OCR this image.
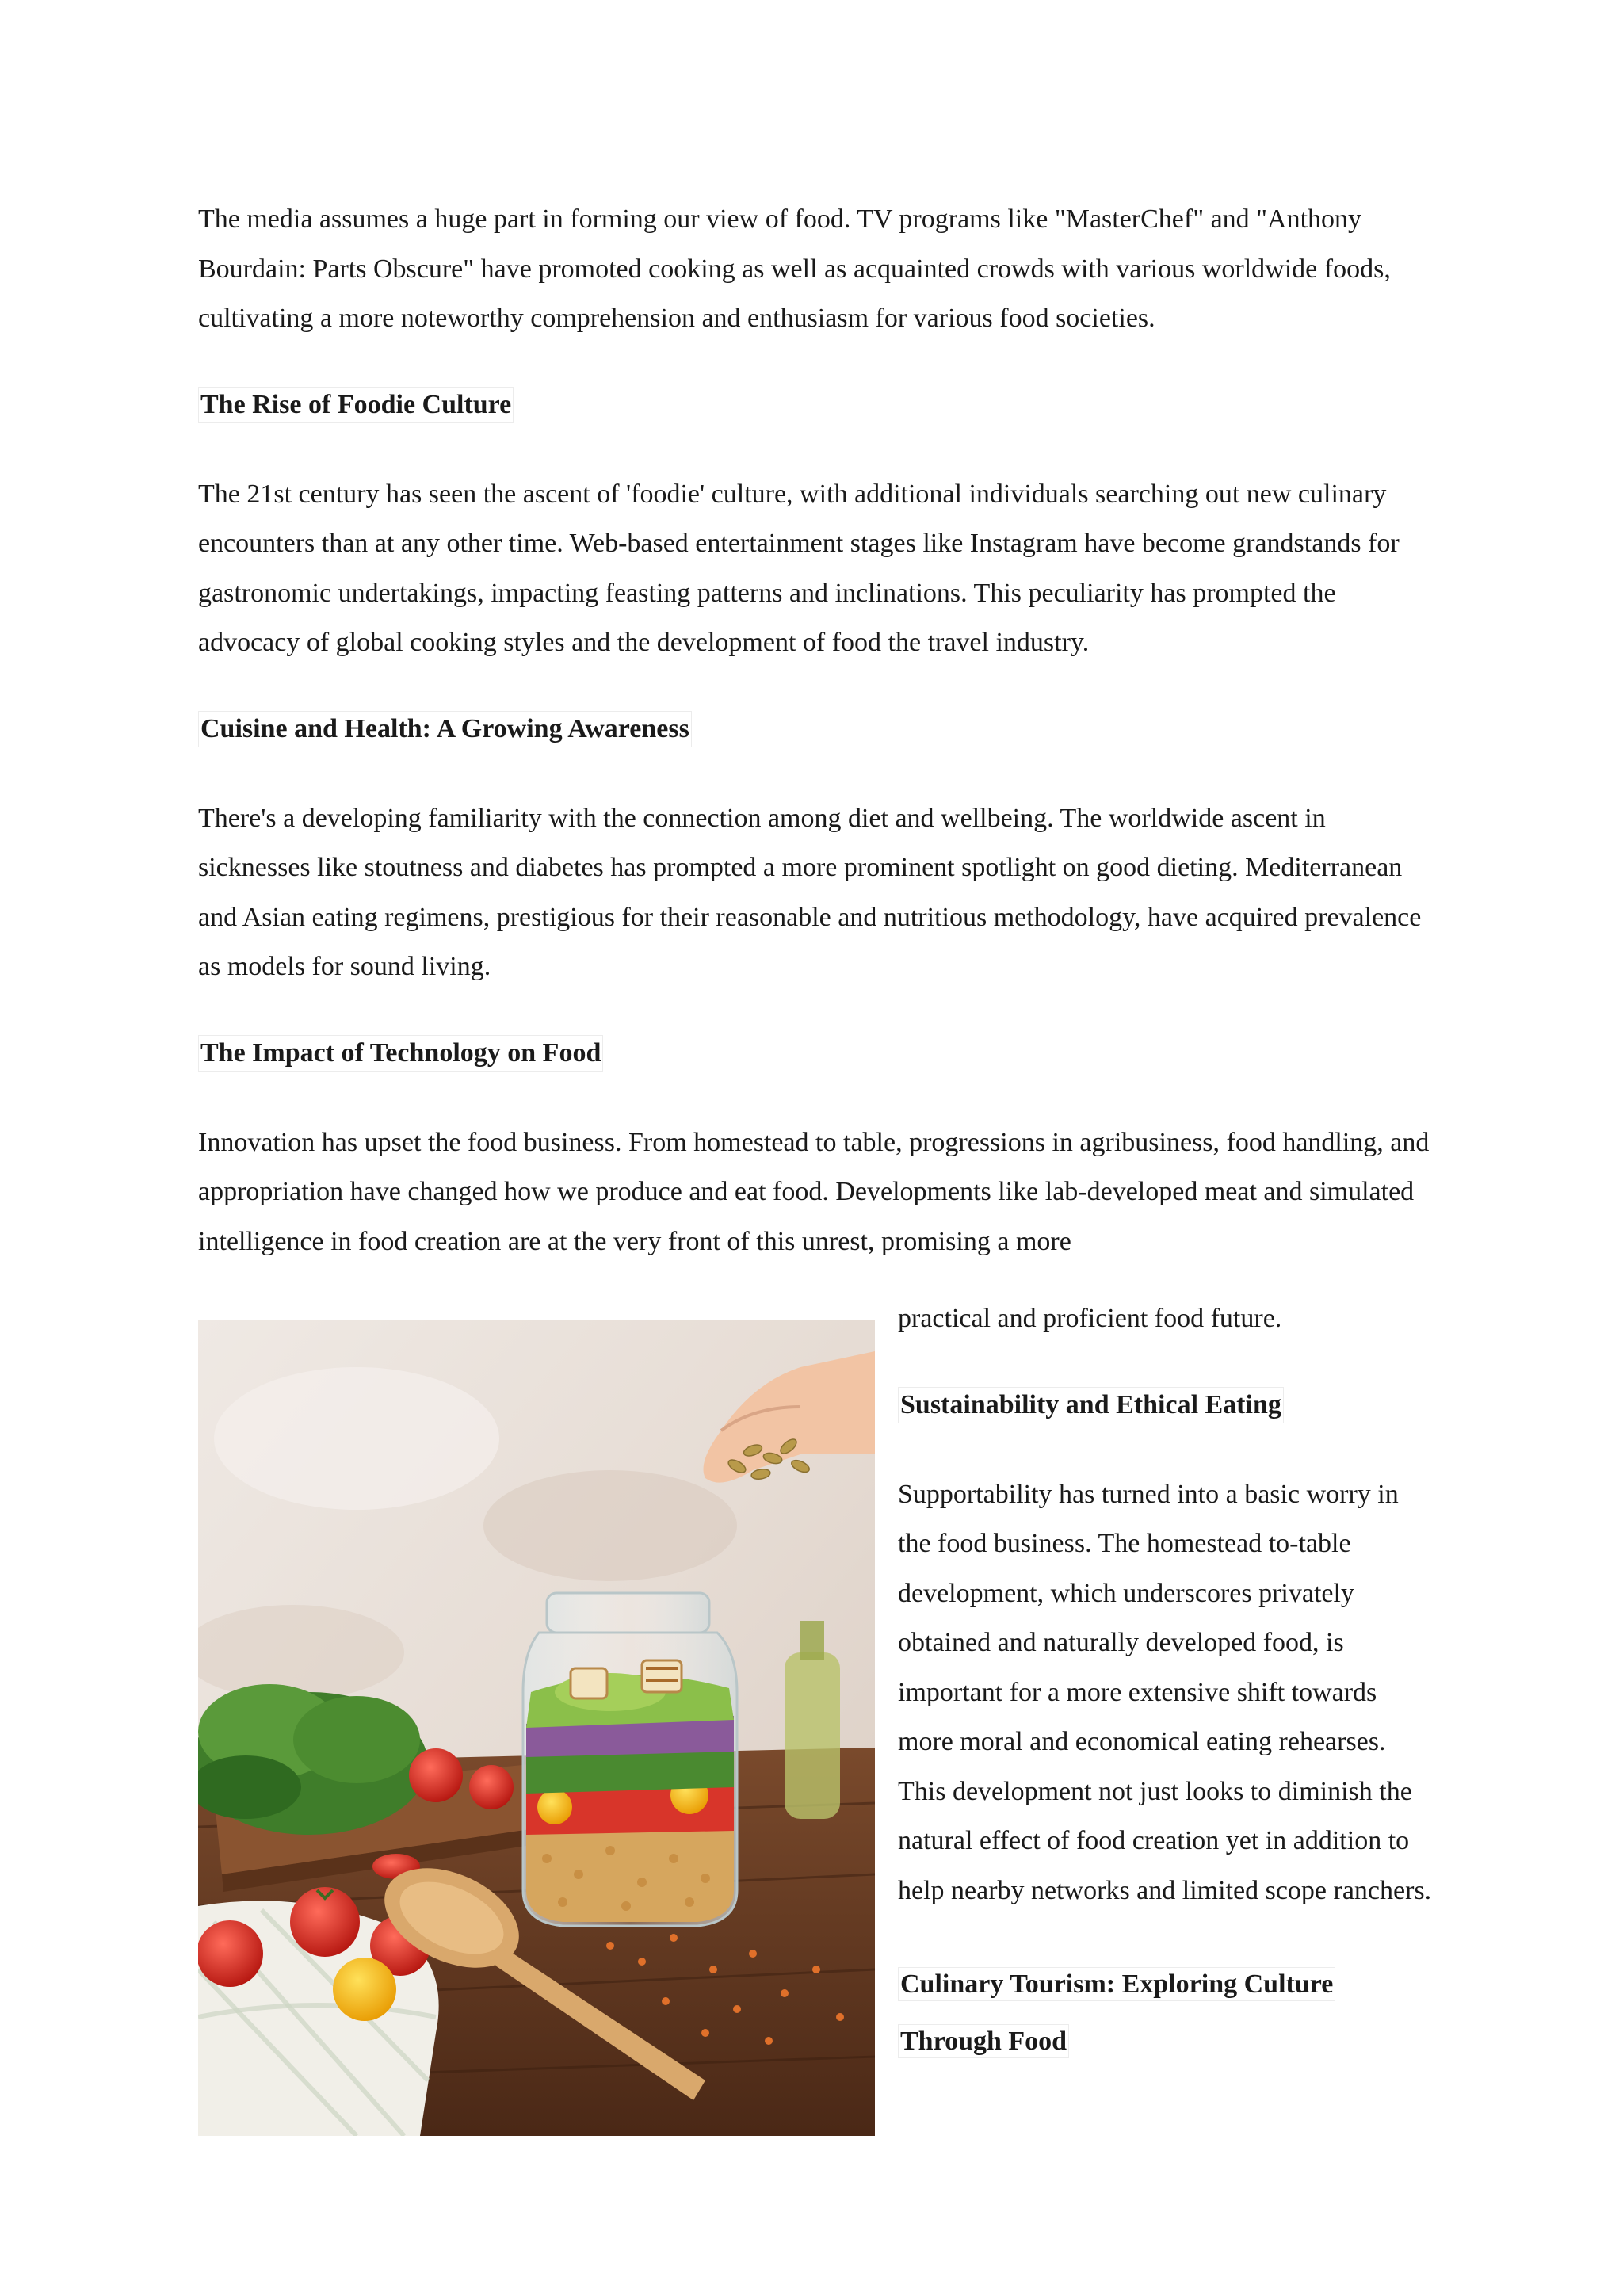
The media assumes a huge part in forming our view of food. TV programs like "MasterChef" and "Anthony Bourdain: Parts Obscure" have promoted cooking as well as acquainted crowds with various worldwide foods, cultivating a more noteworthy comprehension and enthusiasm for various food societies.

The Rise of Foodie Culture

The 21st century has seen the ascent of 'foodie' culture, with additional individuals searching out new culinary encounters than at any other time. Web-based entertainment stages like Instagram have become grandstands for gastronomic undertakings, impacting feasting patterns and inclinations. This peculiarity has prompted the advocacy of global cooking styles and the development of food the travel industry.

Cuisine and Health: A Growing Awareness

There's a developing familiarity with the connection among diet and wellbeing. The worldwide ascent in sicknesses like stoutness and diabetes has prompted a more prominent spotlight on good dieting. Mediterranean and Asian eating regimens, prestigious for their reasonable and nutritious methodology, have acquired prevalence as models for sound living.

The Impact of Technology on Food

Innovation has upset the food business. From homestead to table, progressions in agribusiness, food handling, and appropriation have changed how we produce and eat food. Developments like lab-developed meat and simulated intelligence in food creation are at the very front of this unrest, promising a more

practical and proficient food future.

Sustainability and Ethical Eating

Supportability has turned into a basic worry in the food business. The homestead to-table development, which underscores privately obtained and naturally developed food, is important for a more extensive shift towards more moral and economical eating rehearses. This development not just looks to diminish the natural effect of food creation yet in addition to help nearby networks and limited scope ranchers.

Culinary Tourism: Exploring Culture Through Food
